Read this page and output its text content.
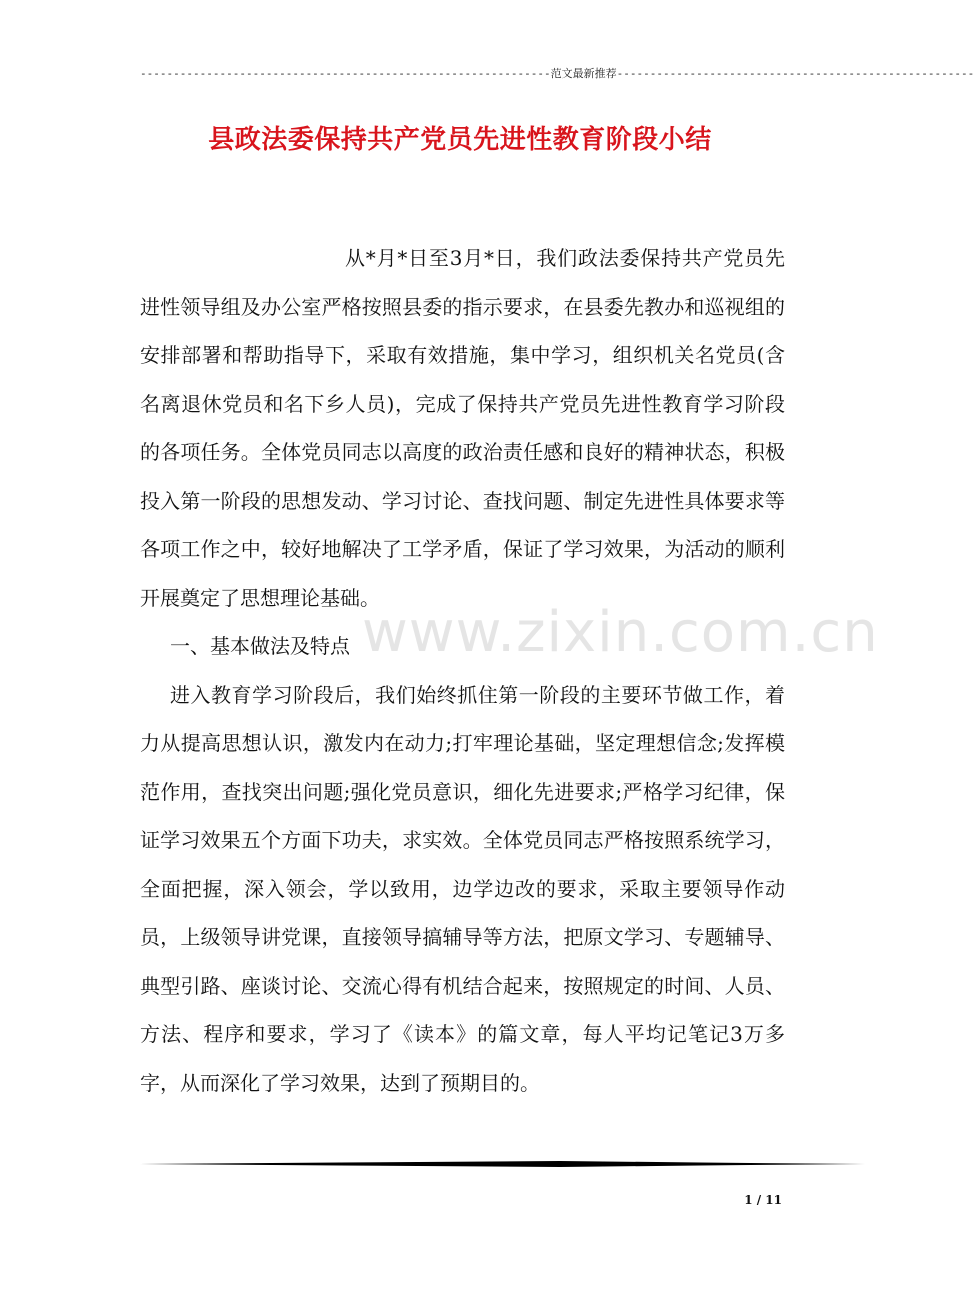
--------------------------------------------------------------范文最新推荐------------------------------------------------------
县政法委保持共产党员先进性教育阶段小结
www.zixin.com.cn

从*月*日至3月*日，我们政法委保持共产党员先进性领导组及办公室严格按照县委的指示要求，在县委先教办和巡视组的安排部署和帮助指导下，采取有效措施，集中学习，组织机关名党员(含名离退休党员和名下乡人员)，完成了保持共产党员先进性教育学习阶段的各项任务。全体党员同志以高度的政治责任感和良好的精神状态，积极投入第一阶段的思想发动、学习讨论、查找问题、制定先进性具体要求等各项工作之中，较好地解决了工学矛盾，保证了学习效果，为活动的顺利开展奠定了思想理论基础。

一、基本做法及特点

进入教育学习阶段后，我们始终抓住第一阶段的主要环节做工作，着力从提高思想认识，激发内在动力;打牢理论基础，坚定理想信念;发挥模范作用，查找突出问题;强化党员意识，细化先进要求;严格学习纪律，保证学习效果五个方面下功夫，求实效。全体党员同志严格按照系统学习，全面把握，深入领会，学以致用，边学边改的要求，采取主要领导作动员，上级领导讲党课，直接领导搞辅导等方法，把原文学习、专题辅导、典型引路、座谈讨论、交流心得有机结合起来，按照规定的时间、人员、方法、程序和要求，学习了《读本》的篇文章，每人平均记笔记3万多字，从而深化了学习效果，达到了预期目的。

1 / 11
